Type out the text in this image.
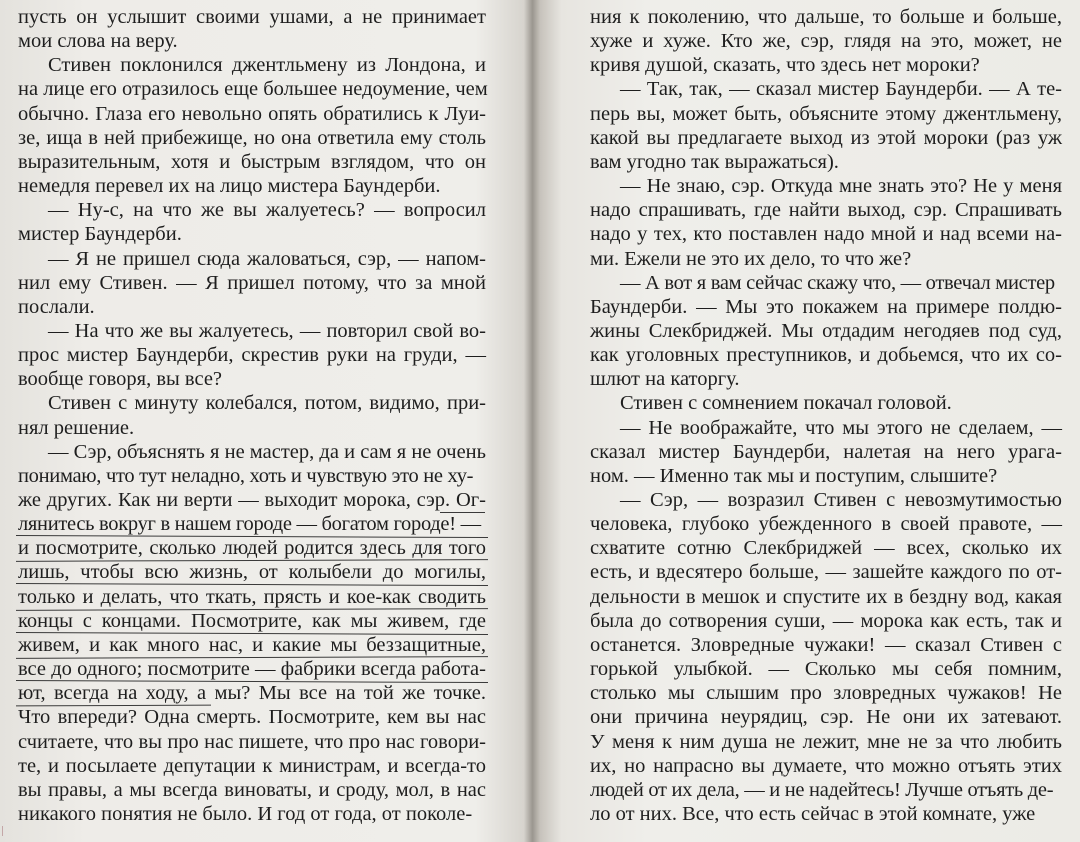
пусть он услышит своими ушами, а не принимает
мои слова на веру.
Стивен поклонился джентльмену из Лондона, и
на лице его отразилось еще большее недоумение, чем
обычно. Глаза его невольно опять обратились к Луи-
зе, ища в ней прибежище, но она ответила ему столь
выразительным, хотя и быстрым взглядом, что он
немедля перевел их на лицо мистера Баундерби.
— Ну-с, на что же вы жалуетесь? — вопросил
мистер Баундерби.
— Я не пришел сюда жаловаться, сэр, — напом-
нил ему Стивен. — Я пришел потому, что за мной
послали.
— На что же вы жалуетесь, — повторил свой во-
прос мистер Баундерби, скрестив руки на груди, —
вообще говоря, вы все?
Стивен с минуту колебался, потом, видимо, при-
нял решение.
— Сэр, объяснять я не мастер, да и сам я не очень
понимаю, что тут неладно, хоть и чувствую это не ху-
же других. Как ни верти — выходит морока, сэр. Ог-
лянитесь вокруг в нашем городе — богатом городе! —
и посмотрите, сколько людей родится здесь для того
лишь, чтобы всю жизнь, от колыбели до могилы,
только и делать, что ткать, прясть и кое-как сводить
концы с концами. Посмотрите, как мы живем, где
живем, и как много нас, и какие мы беззащитные,
все до одного; посмотрите — фабрики всегда работа-
ют, всегда на ходу, а мы? Мы все на той же точке.
Что впереди? Одна смерть. Посмотрите, кем вы нас
считаете, что вы про нас пишете, что про нас говори-
те, и посылаете депутации к министрам, и всегда-то
вы правы, а мы всегда виноваты, и сроду, мол, в нас
никакого понятия не было. И год от года, от поколе-
ния к поколению, что дальше, то больше и больше,
хуже и хуже. Кто же, сэр, глядя на это, может, не
кривя душой, сказать, что здесь нет мороки?
— Так, так, — сказал мистер Баундерби. — А те-
перь вы, может быть, объясните этому джентльмену,
какой вы предлагаете выход из этой мороки (раз уж
вам угодно так выражаться).
— Не знаю, сэр. Откуда мне знать это? Не у меня
надо спрашивать, где найти выход, сэр. Спрашивать
надо у тех, кто поставлен надо мной и над всеми на-
ми. Ежели не это их дело, то что же?
— А вот я вам сейчас скажу что, — отвечал мистер
Баундерби. — Мы это покажем на примере полдю-
жины Слекбриджей. Мы отдадим негодяев под суд,
как уголовных преступников, и добьемся, что их со-
шлют на каторгу.
Стивен с сомнением покачал головой.
— Не воображайте, что мы этого не сделаем, —
сказал мистер Баундерби, налетая на него урага-
ном. — Именно так мы и поступим, слышите?
— Сэр, — возразил Стивен с невозмутимостью
человека, глубоко убежденного в своей правоте, —
схватите сотню Слекбриджей — всех, сколько их
есть, и вдесятеро больше, — зашейте каждого по от-
дельности в мешок и спустите их в бездну вод, какая
была до сотворения суши, — морока как есть, так и
останется. Зловредные чужаки! — сказал Стивен с
горькой улыбкой. — Сколько мы себя помним,
столько мы слышим про зловредных чужаков! Не
они причина неурядиц, сэр. Не они их затевают.
У меня к ним душа не лежит, мне не за что любить
их, но напрасно вы думаете, что можно отъять этих
людей от их дела, — и не надейтесь! Лучше отъять де-
ло от них. Все, что есть сейчас в этой комнате, уже
